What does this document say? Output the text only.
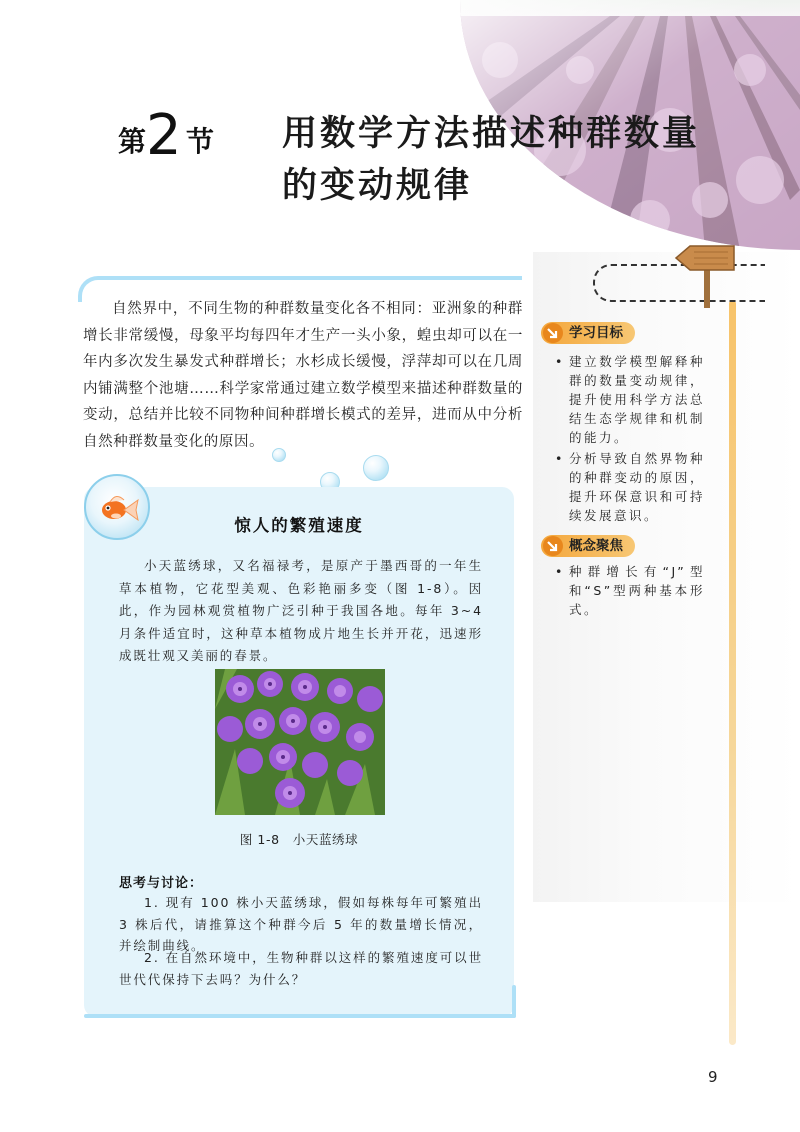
第 2 节 用数学方法描述种群数量
的变动规律
学习目标
• 建立数学模型解释种群的数量变动规律，提升使用科学方法总结生态学规律和机制的能力。
• 分析导致自然界物种的种群变动的原因，提升环保意识和可持续发展意识。
概念聚焦
• 种群增长有“J”型和“S”型两种基本形式。
自然界中，不同生物的种群数量变化各不相同：亚洲象的种群增长非常缓慢，母象平均每四年才生产一头小象，蝗虫却可以在一年内多次发生暴发式种群增长；水杉成长缓慢，浮萍却可以在几周内铺满整个池塘……科学家常通过建立数学模型来描述种群数量的变动，总结并比较不同物种间种群增长模式的差异，进而从中分析自然种群数量变化的原因。
惊人的繁殖速度
小天蓝绣球，又名福禄考，是原产于墨西哥的一年生草本植物，它花型美观、色彩艳丽多变（图 1-8）。因此，作为园林观赏植物广泛引种于我国各地。每年 3~4 月条件适宜时，这种草本植物成片地生长并开花，迅速形成既壮观又美丽的春景。
图 1-8　小天蓝绣球
思考与讨论：
1. 现有 100 株小天蓝绣球，假如每株每年可繁殖出 3 株后代，请推算这个种群今后 5 年的数量增长情况，并绘制曲线。
2. 在自然环境中，生物种群以这样的繁殖速度可以世世代代保持下去吗？为什么？
9
